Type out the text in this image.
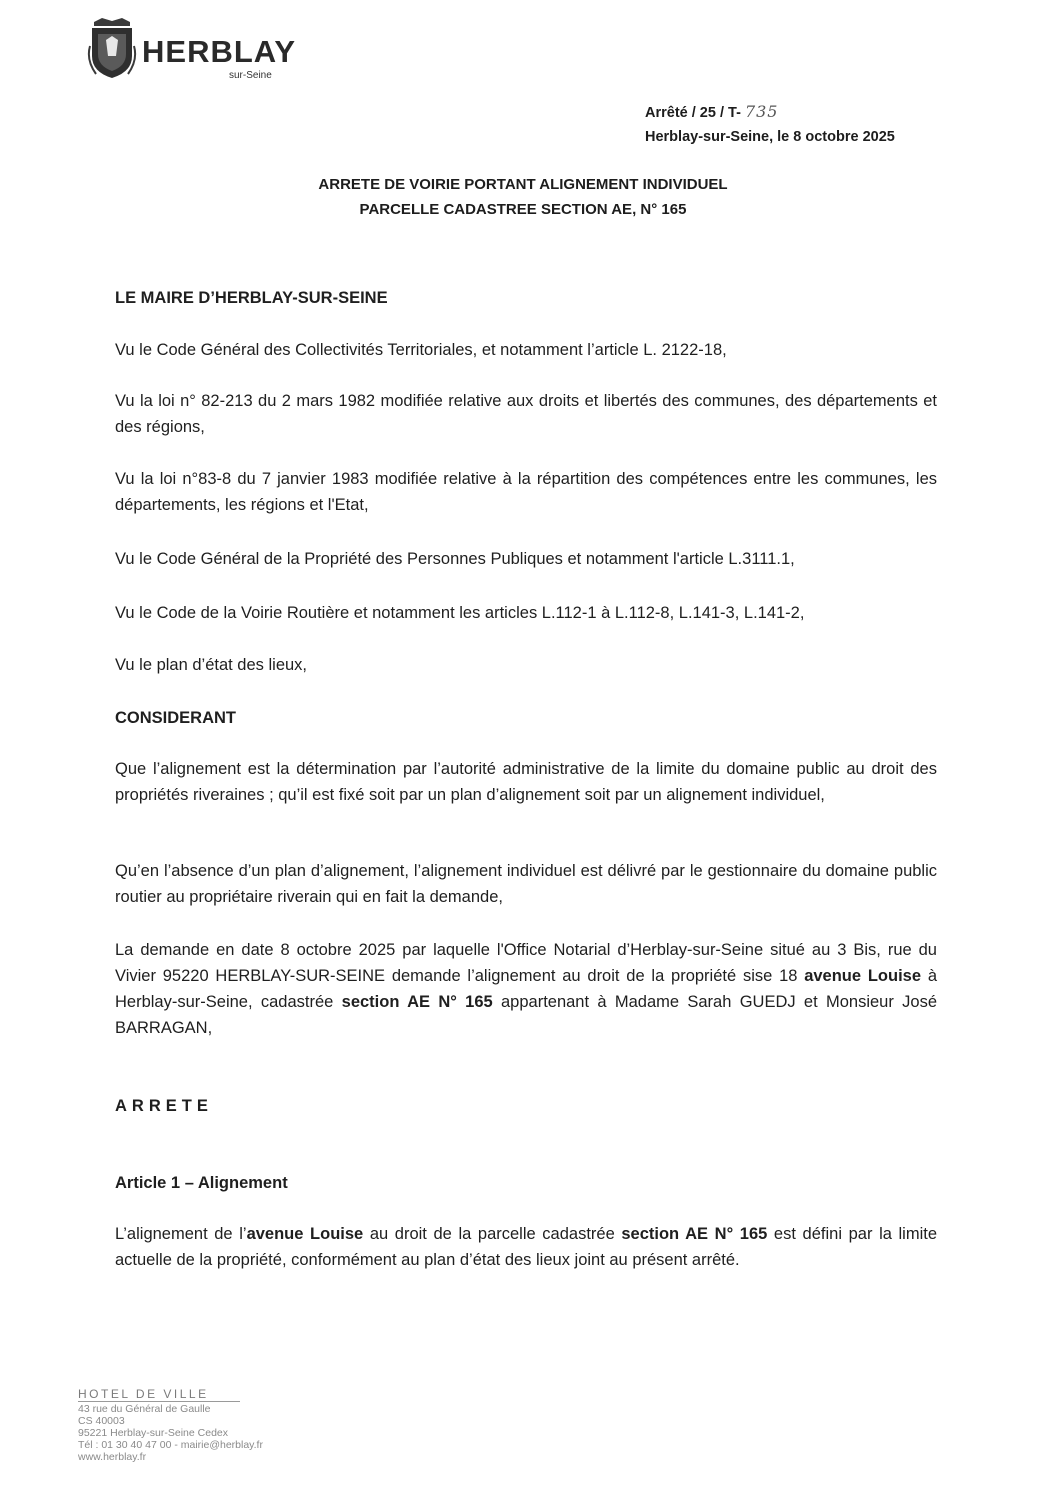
HERBLAY
sur-Seine
Arrêté / 25 / T- 735
Herblay-sur-Seine, le 8 octobre 2025
ARRETE DE VOIRIE PORTANT ALIGNEMENT INDIVIDUEL
PARCELLE CADASTREE SECTION AE, N° 165
LE MAIRE D’HERBLAY-SUR-SEINE
Vu le Code Général des Collectivités Territoriales, et notamment l’article L. 2122-18,
Vu la loi n° 82-213 du 2 mars 1982 modifiée relative aux droits et libertés des communes, des départements et des régions,
Vu la loi n°83-8 du 7 janvier 1983 modifiée relative à la répartition des compétences entre les communes, les départements, les régions et l'Etat,
Vu le Code Général de la Propriété des Personnes Publiques et notamment l'article L.3111.1,
Vu le Code de la Voirie Routière et notamment les articles L.112-1 à L.112-8, L.141-3, L.141-2,
Vu le plan d’état des lieux,
CONSIDERANT
Que l’alignement est la détermination par l’autorité administrative de la limite du domaine public au droit des propriétés riveraines ; qu’il est fixé soit par un plan d’alignement soit par un alignement individuel,
Qu’en l’absence d’un plan d’alignement, l’alignement individuel est délivré par le gestionnaire du domaine public routier au propriétaire riverain qui en fait la demande,
La demande en date 8 octobre 2025 par laquelle l'Office Notarial d’Herblay-sur-Seine situé au 3 Bis, rue du Vivier 95220 HERBLAY-SUR-SEINE demande l’alignement au droit de la propriété sise 18 avenue Louise à Herblay-sur-Seine, cadastrée section AE N° 165 appartenant à Madame Sarah GUEDJ et Monsieur José BARRAGAN,
ARRETE
Article 1 – Alignement
L’alignement de l’avenue Louise au droit de la parcelle cadastrée section AE N° 165 est défini par la limite actuelle de la propriété, conformément au plan d’état des lieux joint au présent arrêté.
HOTEL DE VILLE
43 rue du Général de Gaulle
CS 40003
95221 Herblay-sur-Seine Cedex
Tél : 01 30 40 47 00 - mairie@herblay.fr
www.herblay.fr
